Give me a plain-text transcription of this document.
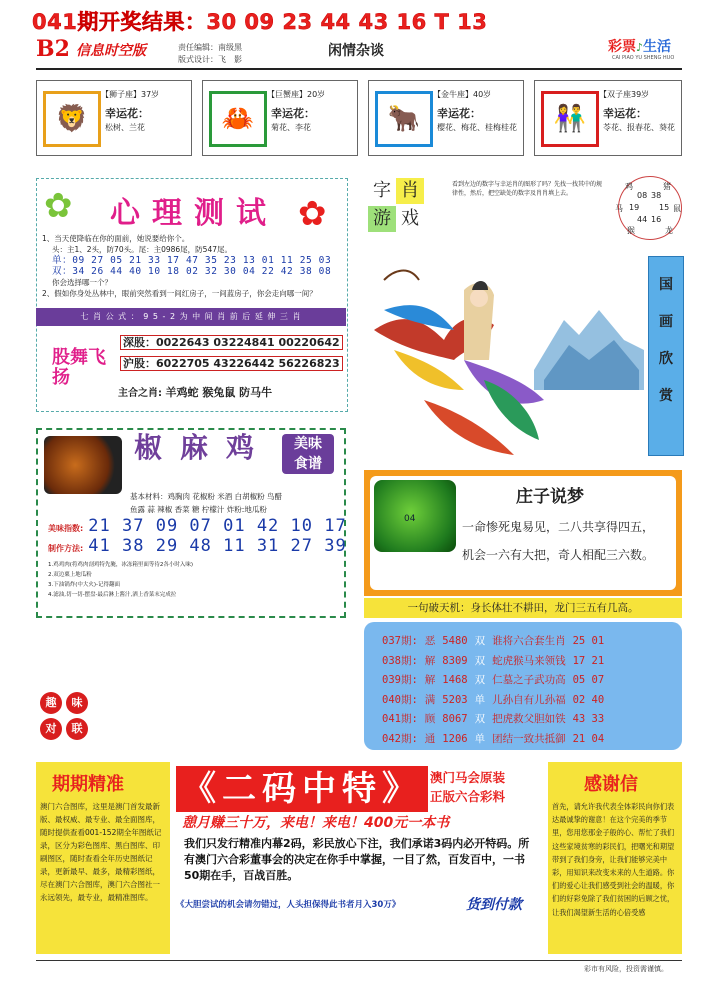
041期开奖结果：30 09 23 44 43 16 T 13
B2 信息时空版	责任编辑：南级黑
版式设计：飞　影
闲情杂谈	彩票♪生活
CAI PIAO YU SHENG HUO
🦁
【狮子座】37岁
幸运花：
松树、兰花	🦀
【巨蟹座】20岁
幸运花：
菊花、李花	🐂
【金牛座】40岁
幸运花：
樱花、梅花、桂梅桂花	👫
【双子座39岁
幸运花：
苓花、报春花、葵花
✿	✿
心理测试
1、当天使降临在你的面前，她说要给你个。
头：主1、2头，防70头。尾：主0986尾，防547尾。
单：09 27 05 21 33 17 47 35 23 13 01 11 25 03
双：34 26 44 40 10 18 02 32 30 04 22 42 38 08
你会选择哪一个？
2、假如你身处丛林中，眼前突然看到一间红房子，一间蓝房子，你会走向哪一间？
七 肖 公 式 ： 9 5 - 2 为 中 间 肖 前 后 延 伸 三 肖
股舞飞扬
深股：0022643 03224841 00220642
沪股：6022705 43226442 56226823
主合之肖: 羊鸡蛇 猴兔鼠 防马牛
椒麻鸡	美味
食谱
基本材料：鸡胸肉 花椒粉 米酒 白胡椒粉 鸟醋
鱼露 蒜 辣椒 香菜 糖 柠檬汁 炸粉:地瓜粉
美味指数: 21 37 09 07 01 42 10 17
制作方法: 41 38 29 48 11 31 27 39
1.鸡鸡肉(将鸡肉剖鸡特先腌，冰冻箱里面等待2各小时入味)
2.双边粟上地瓜粉
3.下油锅炸(中大火)-记得翻面
4.滤油,切一切-摆盘-最后淋上酱汁,洒上香菜末完成拉
趣	味
对	联
字 肖
游 戏
看到左边的数字与幸运肖的图形了吗？先找一找其中的规律性，然后，把空缺处的数字及肖肖填上去。
鸡	猪
马	鼠
猴	龙
08 38
19 15
44 16
国
画
欣
赏
04
庄子说梦
一命惨死鬼易见，二八共享得四五，
机会一六有大把，奇人相配三六数。
一句破天机：身长体壮不耕田，龙门三五有几高。
037期: 恶 5480 双 谁将六合套生肖 25 01
038期: 解 8309 双 蛇虎猴马来领钱 17 21
039期: 解 1468 双 仁墓之子武功高 05 07
040期: 满 5203 单 儿孙自有儿孙福 02 40
041期: 顾 8067 双 把虎救父胆如铁 43 33
042期: 通 1206 单 团结一致共抵御 21 04
期期精准
澳门六合图库，这里是澳门首发最新版、最权威、最专业、最全面图库，随时提供查看001-152期全年图纸记录，区分为彩色图库、黑白图库、印刷图区，随时查看全年历史图纸记录，更新最早、最多，最精彩图纸，尽在澳门六合图库，澳门六合图社一永远领先，最专业，最精准图库。
《二码中特》 澳门马会原装
正版六合彩料
憩月赚三十万，来电！来电！400元一本书
我们只发行精准内幕2码，彩民放心下注，我们承诺3码内必开特码。所有澳门六合彩董事会的决定在你手中掌握，一目了然，百发百中，一书50期在手，百战百胜。
《大胆尝试的机会请勿错过，人头担保得此书者月入30万》	货到付款
感谢信
首先，请允许我代表全体彩民向你们表达最诚挚的谢意！在这个完美的季节里，您用您那金子般的心、帮忙了我们这些家境贫寒的彩民们，把曙光和期望带到了我们身旁，让我们能够完美中彩，用知识来改变未来的人生道路。你们的爱心让我们感受到社会的温暖，你们的好彩免除了我们贫困的后顾之忧，让我们渴望新生活的心倍受感
彩市有风险，投资需谨慎。
